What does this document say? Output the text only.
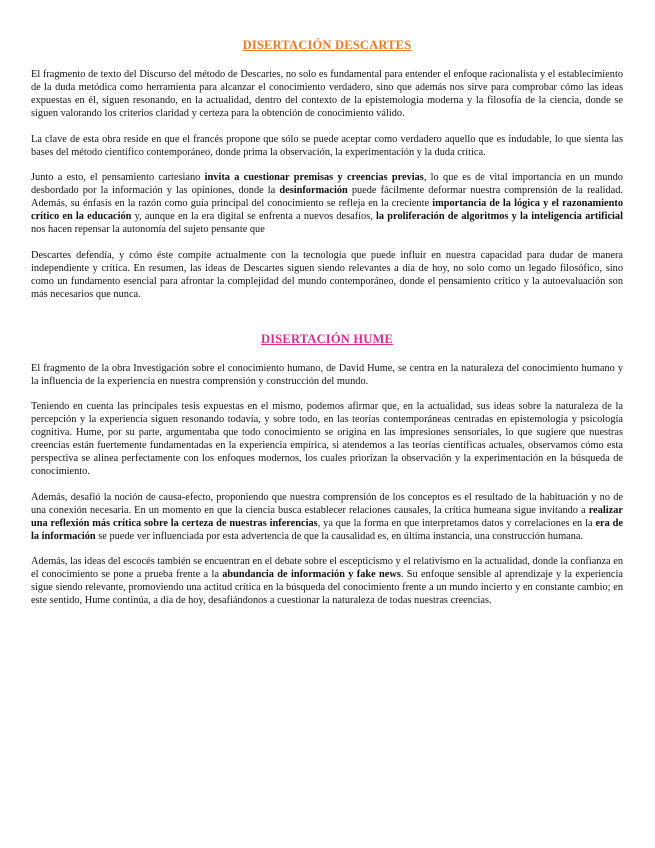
DISERTACIÓN DESCARTES

El fragmento de texto del Discurso del método de Descartes, no solo es fundamental para entender el enfoque racionalista y el establecimiento de la duda metódica como herramienta para alcanzar el conocimiento verdadero, sino que además nos sirve para comprobar cómo las ideas expuestas en él, siguen resonando, en la actualidad, dentro del contexto de la epistemología moderna y la filosofía de la ciencia, donde se siguen valorando los criterios claridad y certeza para la obtención de conocimiento válido.

La clave de esta obra reside en que el francés propone que sólo se puede aceptar como verdadero aquello que es indudable, lo que sienta las bases del método científico contemporáneo, donde prima la observación, la experimentación y la duda crítica.

Junto a esto, el pensamiento cartesiano invita a cuestionar premisas y creencias previas, lo que es de vital importancia en un mundo desbordado por la información y las opiniones, donde la desinformación puede fácilmente deformar nuestra comprensión de la realidad. Además, su énfasis en la razón como guía principal del conocimiento se refleja en la creciente importancia de la lógica y el razonamiento crítico en la educación y, aunque en la era digital se enfrenta a nuevos desafíos, la proliferación de algoritmos y la inteligencia artificial nos hacen repensar la autonomía del sujeto pensante que

Descartes defendía, y cómo éste compite actualmente con la tecnología que puede influir en nuestra capacidad para dudar de manera independiente y crítica. En resumen, las ideas de Descartes siguen siendo relevantes a día de hoy, no solo como un legado filosófico, sino como un fundamento esencial para afrontar la complejidad del mundo contemporáneo, donde el pensamiento crítico y la autoevaluación son más necesarios que nunca.

DISERTACIÓN HUME

El fragmento de la obra Investigación sobre el conocimiento humano, de David Hume, se centra en la naturaleza del conocimiento humano y la influencia de la experiencia en nuestra comprensión y construcción del mundo.

Teniendo en cuenta las principales tesis expuestas en el mismo, podemos afirmar que, en la actualidad, sus ideas sobre la naturaleza de la percepción y la experiencia siguen resonando todavía, y sobre todo, en las teorías contemporáneas centradas en epistemología y psicología cognitiva. Hume, por su parte, argumentaba que todo conocimiento se origina en las impresiones sensoriales, lo que sugiere que nuestras creencias están fuertemente fundamentadas en la experiencia empírica, si atendemos a las teorías científicas actuales, observamos cómo esta perspectiva se alinea perfectamente con los enfoques modernos, los cuales priorizan la observación y la experimentación en la búsqueda de conocimiento.

Además, desafió la noción de causa-efecto, proponiendo que nuestra comprensión de los conceptos es el resultado de la habituación y no de una conexión necesaria. En un momento en que la ciencia busca establecer relaciones causales, la crítica humeana sigue invitando a realizar una reflexión más crítica sobre la certeza de nuestras inferencias, ya que la forma en que interpretamos datos y correlaciones en la era de la información se puede ver influenciada por esta advertencia de que la causalidad es, en última instancia, una construcción humana.

Además, las ideas del escocés también se encuentran en el debate sobre el escepticismo y el relativismo en la actualidad, donde la confianza en el conocimiento se pone a prueba frente a la abundancia de información y fake news. Su enfoque sensible al aprendizaje y la experiencia sigue siendo relevante, promoviendo una actitud crítica en la búsqueda del conocimiento frente a un mundo incierto y en constante cambio; en este sentido, Hume continúa, a día de hoy, desafiándonos a cuestionar la naturaleza de todas nuestras creencias.
